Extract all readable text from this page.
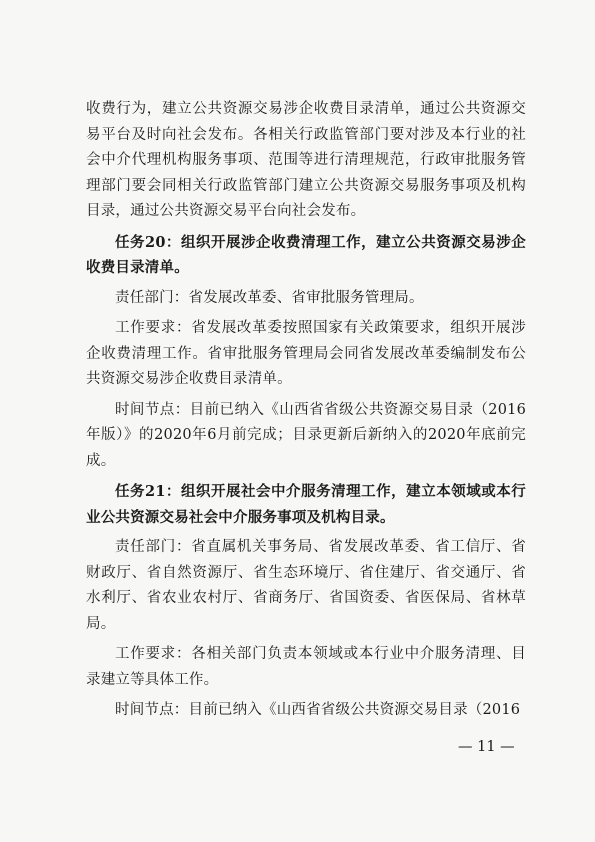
收费行为，建立公共资源交易涉企收费目录清单，通过公共资源交易平台及时向社会发布。各相关行政监管部门要对涉及本行业的社会中介代理机构服务事项、范围等进行清理规范，行政审批服务管理部门要会同相关行政监管部门建立公共资源交易服务事项及机构目录，通过公共资源交易平台向社会发布。

任务20：组织开展涉企收费清理工作，建立公共资源交易涉企收费目录清单。

责任部门：省发展改革委、省审批服务管理局。

工作要求：省发展改革委按照国家有关政策要求，组织开展涉企收费清理工作。省审批服务管理局会同省发展改革委编制发布公共资源交易涉企收费目录清单。

时间节点：目前已纳入《山西省省级公共资源交易目录（2016年版）》的2020年6月前完成；目录更新后新纳入的2020年底前完成。

任务21：组织开展社会中介服务清理工作，建立本领域或本行业公共资源交易社会中介服务事项及机构目录。

责任部门：省直属机关事务局、省发展改革委、省工信厅、省财政厅、省自然资源厅、省生态环境厅、省住建厅、省交通厅、省水利厅、省农业农村厅、省商务厅、省国资委、省医保局、省林草局。

工作要求：各相关部门负责本领域或本行业中介服务清理、目录建立等具体工作。

时间节点：目前已纳入《山西省省级公共资源交易目录（2016

— 11 —
